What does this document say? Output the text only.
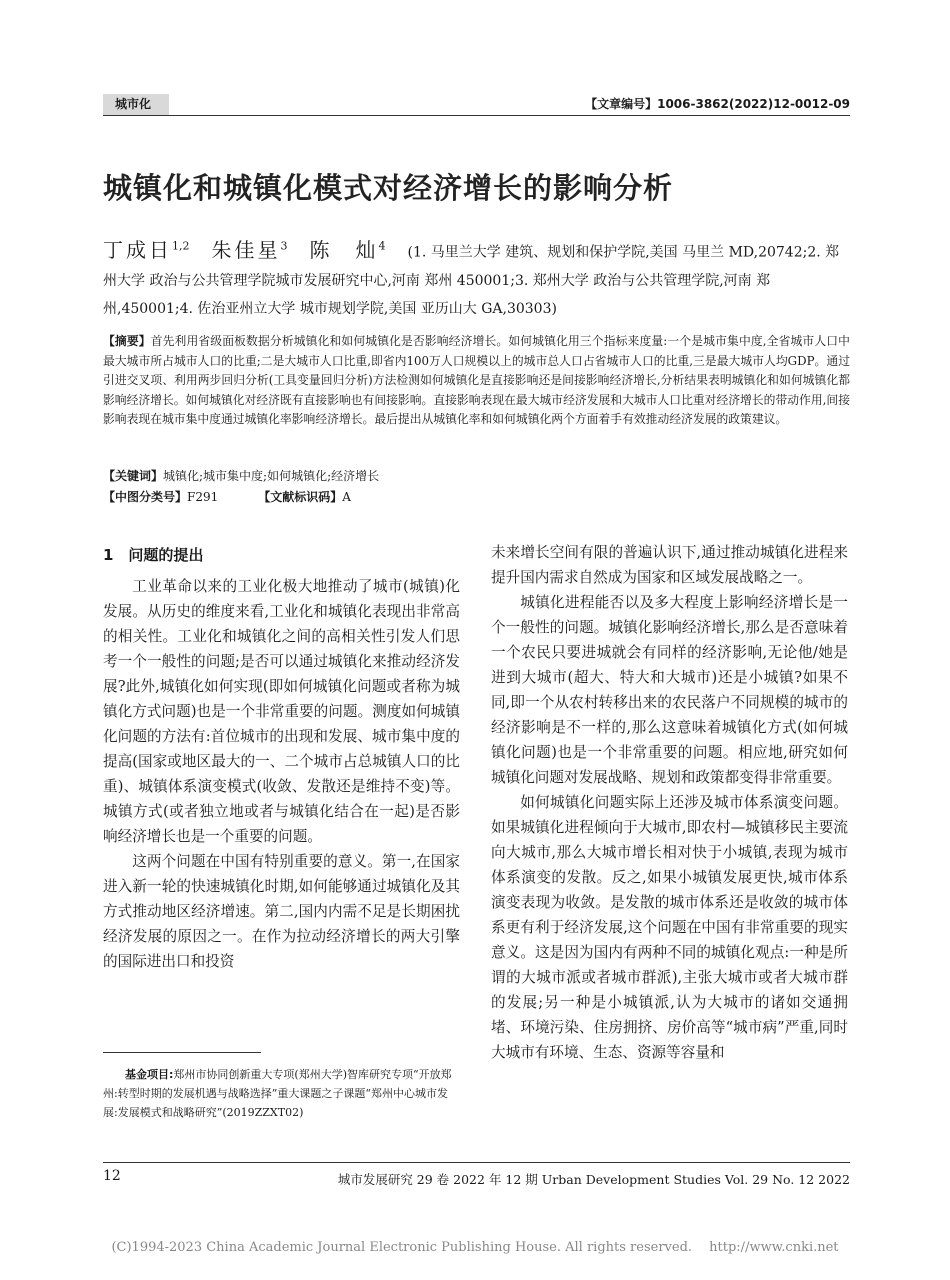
城市化	【文章编号】1006-3862(2022)12-0012-09
城镇化和城镇化模式对经济增长的影响分析
丁成日$^{1,2}$ 朱佳星$^3$ 陈　灿$^4$ (1. 马里兰大学 建筑、规划和保护学院,美国 马里兰 MD,20742;2. 郑州大学 政治与公共管理学院城市发展研究中心,河南 郑州 450001;3. 郑州大学 政治与公共管理学院,河南 郑州,450001;4. 佐治亚州立大学 城市规划学院,美国 亚历山大 GA,30303)
【摘要】首先利用省级面板数据分析城镇化和如何城镇化是否影响经济增长。如何城镇化用三个指标来度量:一个是城市集中度,全省城市人口中最大城市所占城市人口的比重;二是大城市人口比重,即省内100万人口规模以上的城市总人口占省城市人口的比重,三是最大城市人均GDP。通过引进交叉项、利用两步回归分析(工具变量回归分析)方法检测如何城镇化是直接影响还是间接影响经济增长,分析结果表明城镇化和如何城镇化都影响经济增长。如何城镇化对经济既有直接影响也有间接影响。直接影响表现在最大城市经济发展和大城市人口比重对经济增长的带动作用,间接影响表现在城市集中度通过城镇化率影响经济增长。最后提出从城镇化率和如何城镇化两个方面着手有效推动经济发展的政策建议。
【关键词】城镇化;城市集中度;如何城镇化;经济增长
【中图分类号】F291	【文献标识码】A
1　问题的提出

工业革命以来的工业化极大地推动了城市(城镇)化发展。从历史的维度来看,工业化和城镇化表现出非常高的相关性。工业化和城镇化之间的高相关性引发人们思考一个一般性的问题;是否可以通过城镇化来推动经济发展?此外,城镇化如何实现(即如何城镇化问题或者称为城镇化方式问题)也是一个非常重要的问题。测度如何城镇化问题的方法有:首位城市的出现和发展、城市集中度的提高(国家或地区最大的一、二个城市占总城镇人口的比重)、城镇体系演变模式(收敛、发散还是维持不变)等。城镇方式(或者独立地或者与城镇化结合在一起)是否影响经济增长也是一个重要的问题。

这两个问题在中国有特别重要的意义。第一,在国家进入新一轮的快速城镇化时期,如何能够通过城镇化及其方式推动地区经济增速。第二,国内内需不足是长期困扰经济发展的原因之一。在作为拉动经济增长的两大引擎的国际进出口和投资

未来增长空间有限的普遍认识下,通过推动城镇化进程来提升国内需求自然成为国家和区域发展战略之一。

城镇化进程能否以及多大程度上影响经济增长是一个一般性的问题。城镇化影响经济增长,那么是否意味着一个农民只要进城就会有同样的经济影响,无论他/她是进到大城市(超大、特大和大城市)还是小城镇?如果不同,即一个从农村转移出来的农民落户不同规模的城市的经济影响是不一样的,那么这意味着城镇化方式(如何城镇化问题)也是一个非常重要的问题。相应地,研究如何城镇化问题对发展战略、规划和政策都变得非常重要。

如何城镇化问题实际上还涉及城市体系演变问题。如果城镇化进程倾向于大城市,即农村—城镇移民主要流向大城市,那么大城市增长相对快于小城镇,表现为城市体系演变的发散。反之,如果小城镇发展更快,城市体系演变表现为收敛。是发散的城市体系还是收敛的城市体系更有利于经济发展,这个问题在中国有非常重要的现实意义。这是因为国内有两种不同的城镇化观点:一种是所谓的大城市派或者城市群派),主张大城市或者大城市群的发展;另一种是小城镇派,认为大城市的诸如交通拥堵、环境污染、住房拥挤、房价高等“城市病”严重,同时大城市有环境、生态、资源等容量和

基金项目:郑州市协同创新重大专项(郑州大学)智库研究专项“开放郑州:转型时期的发展机遇与战略选择”重大课题之子课题“郑州中心城市发展:发展模式和战略研究”(2019ZZXT02)
12	城市发展研究 29 卷 2022 年 12 期 Urban Development Studies Vol. 29 No. 12 2022
(C)1994-2023 China Academic Journal Electronic Publishing House. All rights reserved.　 http://www.cnki.net
